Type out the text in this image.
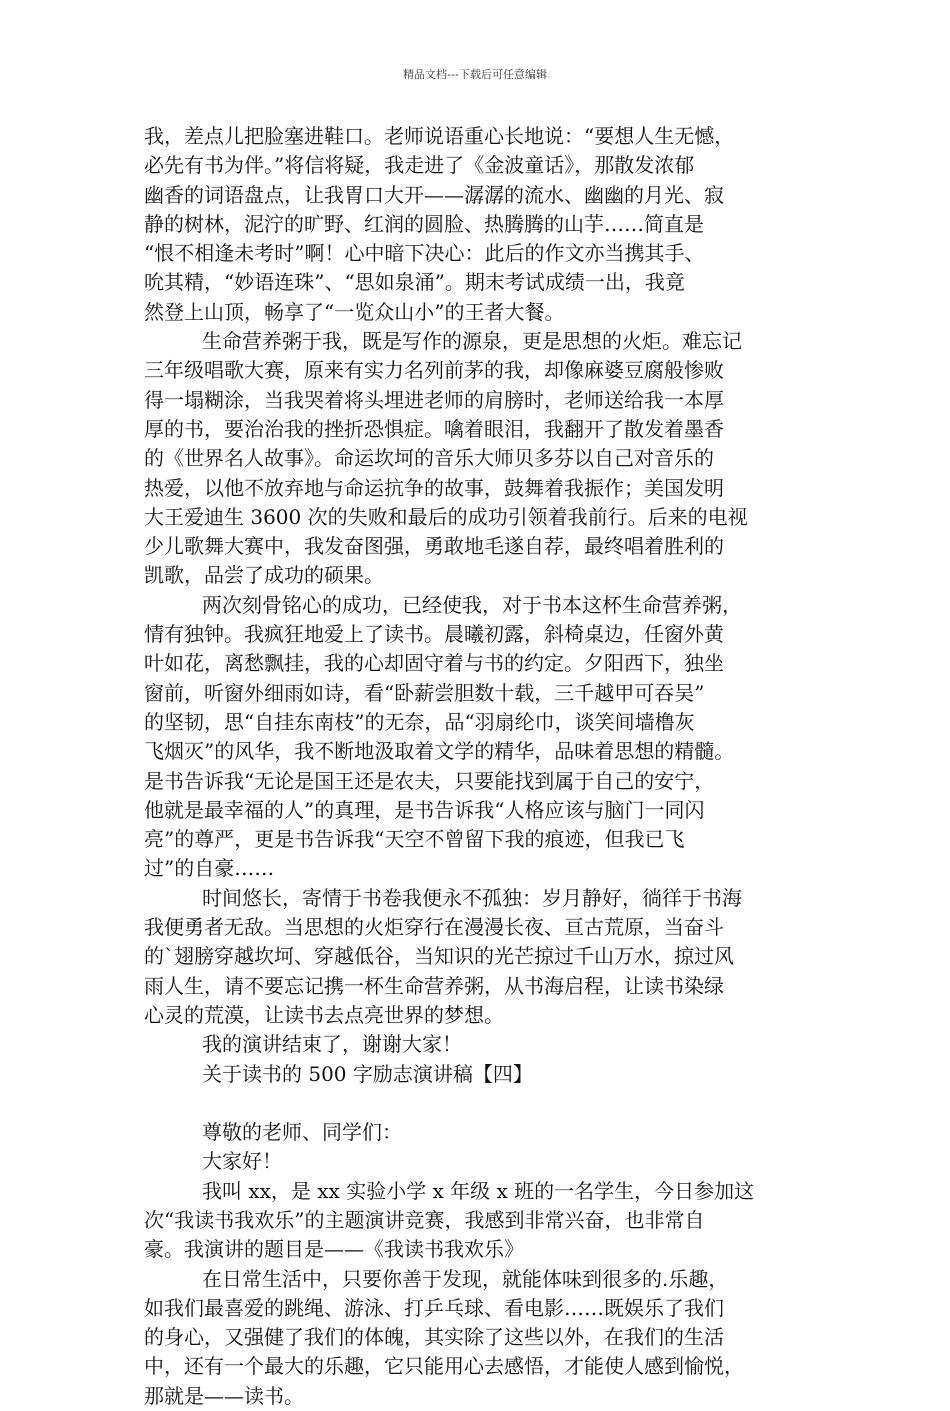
精品文档---下载后可任意编辑

我，差点儿把脸塞进鞋口。老师说语重心长地说：“要想人生无憾，

必先有书为伴。”将信将疑，我走进了《金波童话》，那散发浓郁

幽香的词语盘点，让我胃口大开——潺潺的流水、幽幽的月光、寂

静的树林，泥泞的旷野、红润的圆脸、热腾腾的山芋……简直是

“恨不相逢未考时”啊！心中暗下决心：此后的作文亦当携其手、

吮其精，“妙语连珠”、“思如泉涌”。期末考试成绩一出，我竟

然登上山顶，畅享了“一览众山小”的王者大餐。

生命营养粥于我，既是写作的源泉，更是思想的火炬。难忘记

三年级唱歌大赛，原来有实力名列前茅的我，却像麻婆豆腐般惨败

得一塌糊涂，当我哭着将头埋进老师的肩膀时，老师送给我一本厚

厚的书，要治治我的挫折恐惧症。噙着眼泪，我翻开了散发着墨香

的《世界名人故事》。命运坎坷的音乐大师贝多芬以自己对音乐的

热爱，以他不放弃地与命运抗争的故事，鼓舞着我振作；美国发明

大王爱迪生 3600 次的失败和最后的成功引领着我前行。后来的电视

少儿歌舞大赛中，我发奋图强，勇敢地毛遂自荐，最终唱着胜利的

凯歌，品尝了成功的硕果。

两次刻骨铭心的成功，已经使我，对于书本这杯生命营养粥，

情有独钟。我疯狂地爱上了读书。晨曦初露，斜椅桌边，任窗外黄

叶如花，离愁飘挂，我的心却固守着与书的约定。夕阳西下，独坐

窗前，听窗外细雨如诗，看“卧薪尝胆数十载，三千越甲可吞吴”

的坚韧，思“自挂东南枝”的无奈，品“羽扇纶巾，谈笑间墙橹灰

飞烟灭”的风华，我不断地汲取着文学的精华，品味着思想的精髓。

是书告诉我“无论是国王还是农夫，只要能找到属于自己的安宁，

他就是最幸福的人”的真理，是书告诉我“人格应该与脑门一同闪

亮”的尊严，更是书告诉我“天空不曾留下我的痕迹，但我已飞

过”的自豪……

时间悠长，寄情于书卷我便永不孤独：岁月静好，徜徉于书海

我便勇者无敌。当思想的火炬穿行在漫漫长夜、亘古荒原，当奋斗

的`翅膀穿越坎坷、穿越低谷，当知识的光芒掠过千山万水，掠过风

雨人生，请不要忘记携一杯生命营养粥，从书海启程，让读书染绿

心灵的荒漠，让读书去点亮世界的梦想。

我的演讲结束了，谢谢大家！

关于读书的 500 字励志演讲稿【四】

尊敬的老师、同学们：

大家好！

我叫 xx，是 xx 实验小学 x 年级 x 班的一名学生，今日参加这

次“我读书我欢乐”的主题演讲竞赛，我感到非常兴奋，也非常自

豪。我演讲的题目是——《我读书我欢乐》

在日常生活中，只要你善于发现，就能体味到很多的.乐趣，

如我们最喜爱的跳绳、游泳、打乒乓球、看电影……既娱乐了我们

的身心，又强健了我们的体魄，其实除了这些以外，在我们的生活

中，还有一个最大的乐趣，它只能用心去感悟，才能使人感到愉悦，

那就是——读书。
